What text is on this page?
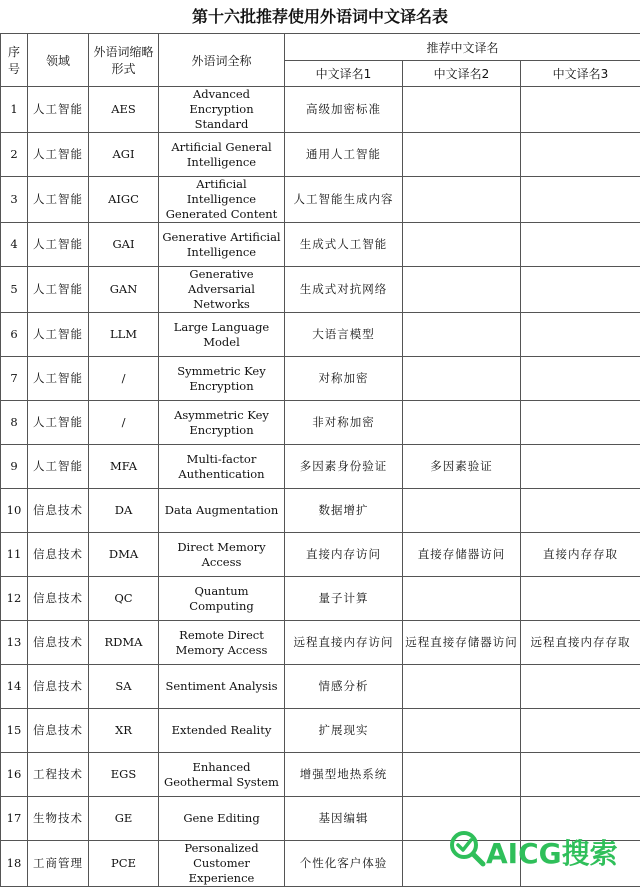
第十六批推荐使用外语词中文译名表
序号	领域	外语词缩略形式	外语词全称	推荐中文译名		
				中文译名1	中文译名2	中文译名3
1	人工智能	AES	Advanced Encryption Standard	高级加密标准		
2	人工智能	AGI	Artificial General Intelligence	通用人工智能		
3	人工智能	AIGC	Artificial Intelligence Generated Content	人工智能生成内容		
4	人工智能	GAI	Generative Artificial Intelligence	生成式人工智能		
5	人工智能	GAN	Generative Adversarial Networks	生成式对抗网络		
6	人工智能	LLM	Large Language Model	大语言模型		
7	人工智能	/	Symmetric Key Encryption	对称加密		
8	人工智能	/	Asymmetric Key Encryption	非对称加密		
9	人工智能	MFA	Multi-factor Authentication	多因素身份验证	多因素验证	
10	信息技术	DA	Data Augmentation	数据增扩		
11	信息技术	DMA	Direct Memory Access	直接内存访问	直接存储器访问	直接内存存取
12	信息技术	QC	Quantum Computing	量子计算		
13	信息技术	RDMA	Remote Direct Memory Access	远程直接内存访问	远程直接存储器访问	远程直接内存存取
14	信息技术	SA	Sentiment Analysis	情感分析		
15	信息技术	XR	Extended Reality	扩展现实		
16	工程技术	EGS	Enhanced Geothermal System	增强型地热系统		
17	生物技术	GE	Gene Editing	基因编辑		
18	工商管理	PCE	Personalized Customer Experience	个性化客户体验			AICG搜索
